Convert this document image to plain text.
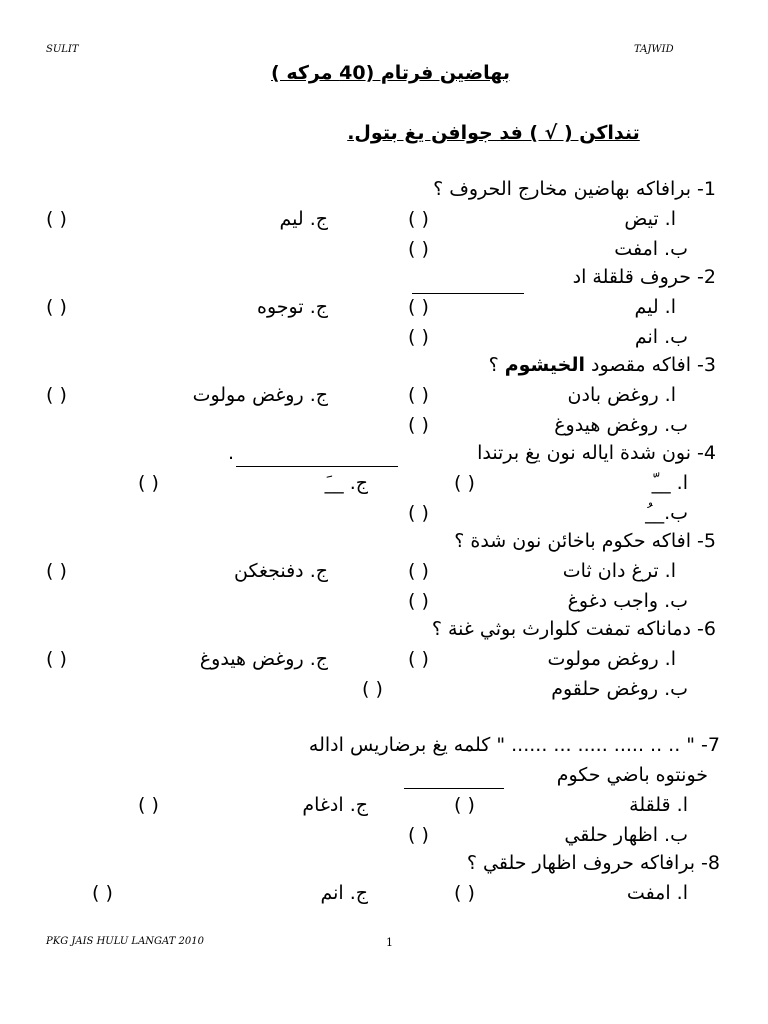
SULIT	TAJWID
بهاضين فرتام (40 مركه )
تنداكن ( √ ) فد جوافن يغ بتول.
1- برافاكه بهاضين مخارج الحروف ؟
ا. تيض
( )
ج. ليم
( )
ب. امفت
( )
2- حروف قلقلة اد
ا. ليم
( )
ج. توجوه
( )
ب. انم
( )
3- افاكه مقصود الخيشوم ؟
ا. روغض بادن
( )
ج. روغض مولوت
( )
ب. روغض هيدوغ
( )
4- نون شدة اياله نون يغ برتندا
.
ا. __ّ
( )
ج. __َ
( )
ب.__ُ
( )
5- افاكه حكوم باخائن نون شدة ؟
ا. ترغ دان ثات
( )
ج. دفنجغكن
( )
ب. واجب دغوغ
( )
6- دماناكه تمفت كلوارث بوثي غنة ؟
ا. روغض مولوت
( )
ج. روغض هيدوغ
( )
ب. روغض حلقوم
( )
7- " .. .. ..... ..... ... ...... " كلمه يغ برضاريس اداله
خونتوه باضي حكوم
ا. قلقلة
( )
ج. ادغام
( )
ب. اظهار حلقي
( )
8- برافاكه حروف اظهار حلقي ؟
ا. امفت
( )
ج. انم
( )
PKG JAIS HULU LANGAT 2010	1
